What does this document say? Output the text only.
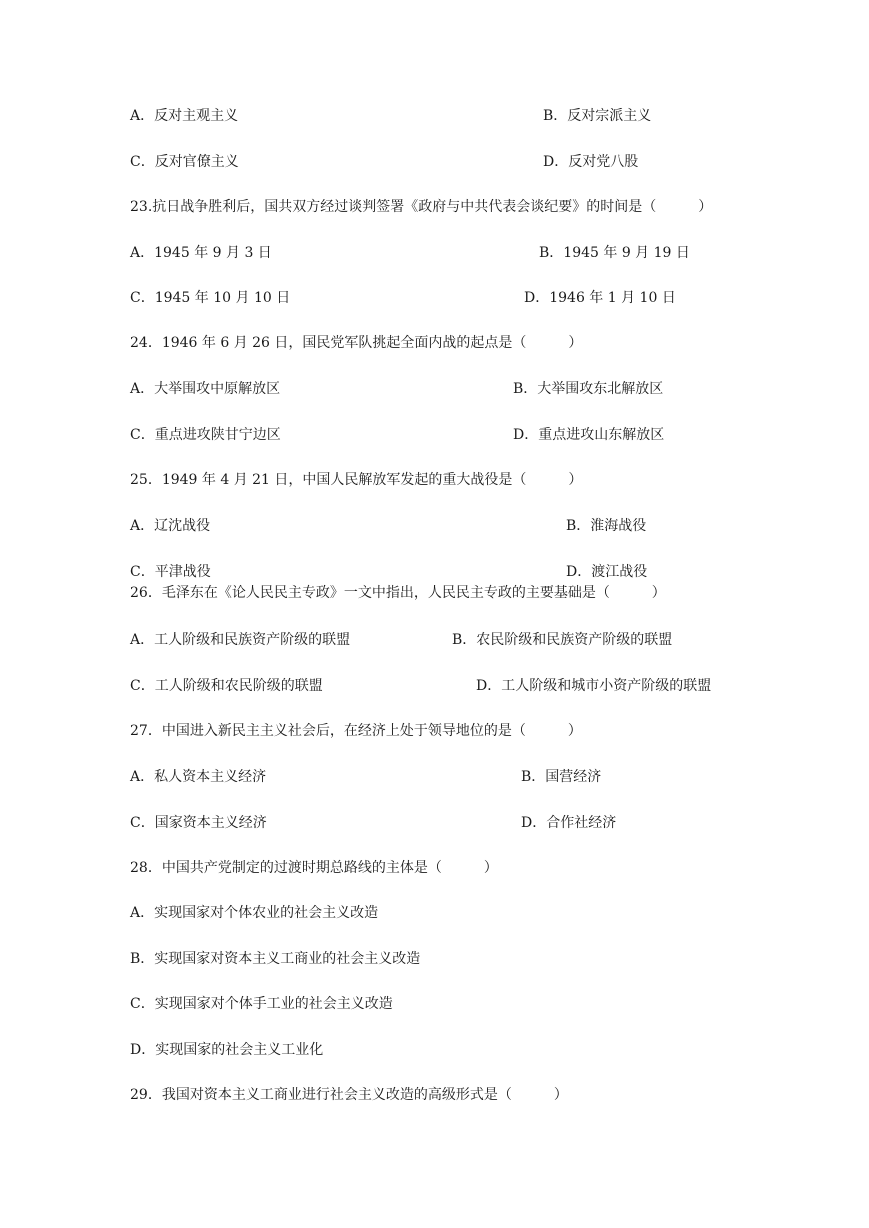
A．反对主观主义	B．反对宗派主义
C．反对官僚主义	D．反对党八股
23.抗日战争胜利后，国共双方经过谈判签署《政府与中共代表会谈纪要》的时间是（　　　）
A．1945 年 9 月 3 日	B．1945 年 9 月 19 日
C．1945 年 10 月 10 日	D．1946 年 1 月 10 日
24．1946 年 6 月 26 日，国民党军队挑起全面内战的起点是（　　　）
A．大举围攻中原解放区	B．大举围攻东北解放区
C．重点进攻陕甘宁边区	D．重点进攻山东解放区
25．1949 年 4 月 21 日，中国人民解放军发起的重大战役是（　　　）
A．辽沈战役	B．淮海战役
C．平津战役	D．渡江战役
26．毛泽东在《论人民民主专政》一文中指出，人民民主专政的主要基础是（　　　）
A．工人阶级和民族资产阶级的联盟	B．农民阶级和民族资产阶级的联盟
C．工人阶级和农民阶级的联盟	D．工人阶级和城市小资产阶级的联盟
27．中国进入新民主主义社会后，在经济上处于领导地位的是（　　　）
A．私人资本主义经济	B．国营经济
C．国家资本主义经济	D．合作社经济
28．中国共产党制定的过渡时期总路线的主体是（　　　）
A．实现国家对个体农业的社会主义改造
B．实现国家对资本主义工商业的社会主义改造
C．实现国家对个体手工业的社会主义改造
D．实现国家的社会主义工业化
29．我国对资本主义工商业进行社会主义改造的高级形式是（　　　）
